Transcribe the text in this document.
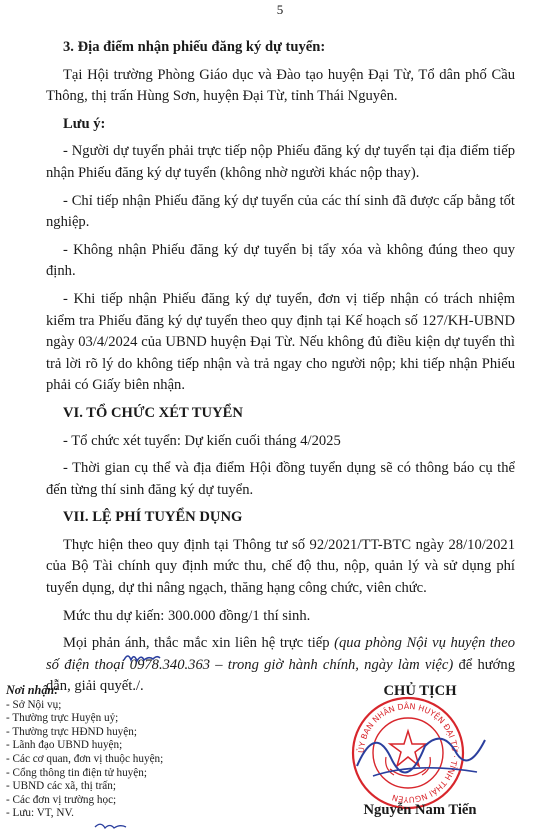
5

3. Địa điểm nhận phiếu đăng ký dự tuyển:

Tại Hội trường Phòng Giáo dục và Đào tạo huyện Đại Từ, Tổ dân phố Cầu Thông, thị trấn Hùng Sơn, huyện Đại Từ, tỉnh Thái Nguyên.

Lưu ý:

- Người dự tuyển phải trực tiếp nộp Phiếu đăng ký dự tuyển tại địa điểm tiếp nhận Phiếu đăng ký dự tuyển (không nhờ người khác nộp thay).

- Chỉ tiếp nhận Phiếu đăng ký dự tuyển của các thí sinh đã được cấp bằng tốt nghiệp.

- Không nhận Phiếu đăng ký dự tuyển bị tẩy xóa và không đúng theo quy định.

- Khi tiếp nhận Phiếu đăng ký dự tuyển, đơn vị tiếp nhận có trách nhiệm kiểm tra Phiếu đăng ký dự tuyển theo quy định tại Kế hoạch số 127/KH-UBND ngày 03/4/2024 của UBND huyện Đại Từ. Nếu không đủ điều kiện dự tuyển thì trả lời rõ lý do không tiếp nhận và trả ngay cho người nộp; khi tiếp nhận Phiếu phải có Giấy biên nhận.

VI. TỔ CHỨC XÉT TUYỂN

- Tổ chức xét tuyển: Dự kiến cuối tháng 4/2025

- Thời gian cụ thể và địa điểm Hội đồng tuyển dụng sẽ có thông báo cụ thể đến từng thí sinh đăng ký dự tuyển.

VII. LỆ PHÍ TUYỂN DỤNG

Thực hiện theo quy định tại Thông tư số 92/2021/TT-BTC ngày 28/10/2021 của Bộ Tài chính quy định mức thu, chế độ thu, nộp, quản lý và sử dụng phí tuyển dụng, dự thi nâng ngạch, thăng hạng công chức, viên chức.

Mức thu dự kiến: 300.000 đồng/1 thí sinh.

Mọi phản ánh, thắc mắc xin liên hệ trực tiếp (qua phòng Nội vụ huyện theo số điện thoại 0978.340.363 – trong giờ hành chính, ngày làm việc) để hướng dẫn, giải quyết./.

Nơi nhận:
- Sở Nội vụ;
- Thường trực Huyện uỷ;
- Thường trực HĐND huyện;
- Lãnh đạo UBND huyện;
- Các cơ quan, đơn vị thuộc huyện;
- Cổng thông tin điện tử huyện;
- UBND các xã, thị trấn;
- Các đơn vị trường học;
- Lưu: VT, NV.
ỦY BAN NHÂN DÂN HUYỆN ĐẠI TỪ · TỈNH THÁI NGUYÊN
CHỦ TỊCH
Nguyễn Nam Tiến
